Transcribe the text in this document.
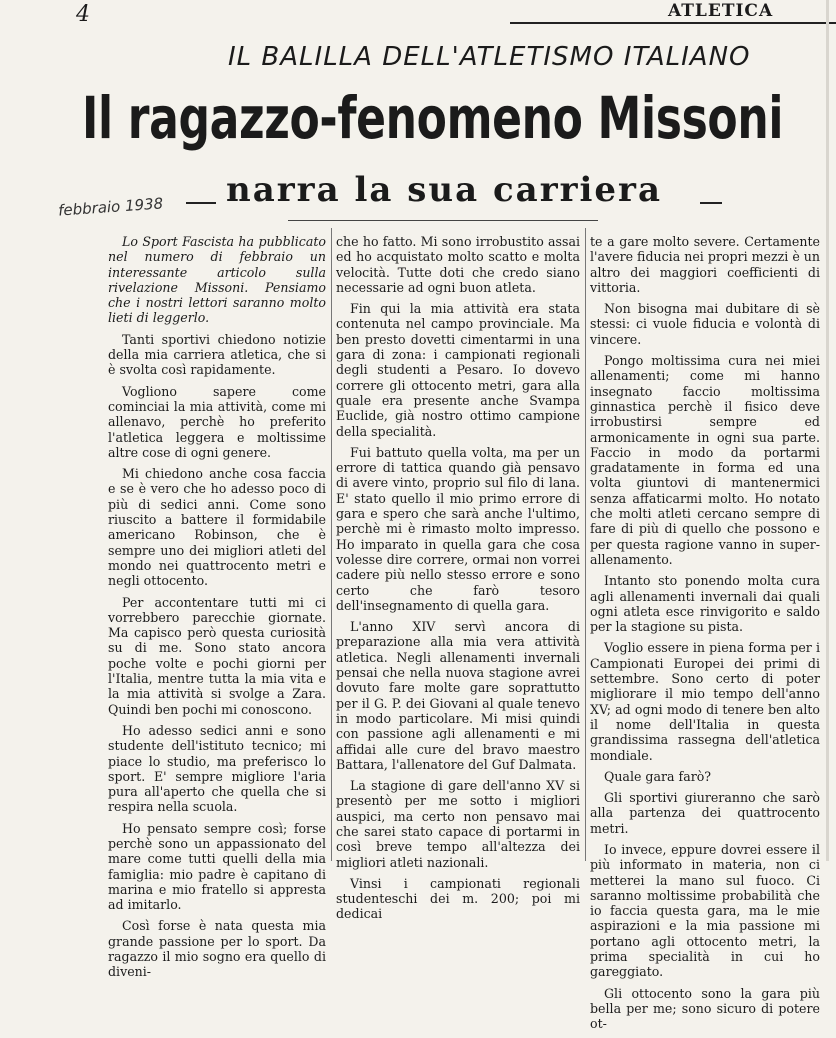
4	ATLETICA
IL BALILLA DELL'ATLETISMO ITALIANO
Il ragazzo-fenomeno Missoni
narra la sua carriera
febbraio 1938

Lo Sport Fascista ha pubblicato nel numero di febbraio un interessante articolo sulla rivelazione Missoni. Pensiamo che i nostri lettori saranno molto lieti di leggerlo.

Tanti sportivi chiedono notizie della mia carriera atletica, che si è svolta così rapidamente.

Vogliono sapere come cominciai la mia attività, come mi allenavo, perchè ho preferito l'atletica leggera e moltissime altre cose di ogni genere.

Mi chiedono anche cosa faccia e se è vero che ho adesso poco di più di sedici anni. Come sono riuscito a battere il formidabile americano Robinson, che è sempre uno dei migliori atleti del mondo nei quattrocento metri e negli ottocento.

Per accontentare tutti mi ci vorrebbero parecchie giornate. Ma capisco però questa curiosità su di me. Sono stato ancora poche volte e pochi giorni per l'Italia, mentre tutta la mia vita e la mia attività si svolge a Zara. Quindi ben pochi mi conoscono.

Ho adesso sedici anni e sono studente dell'istituto tecnico; mi piace lo studio, ma preferisco lo sport. E' sempre migliore l'aria pura all'aperto che quella che si respira nella scuola.

Ho pensato sempre così; forse perchè sono un appassionato del mare come tutti quelli della mia famiglia: mio padre è capitano di marina e mio fratello si appresta ad imitarlo.

Così forse è nata questa mia grande passione per lo sport. Da ragazzo il mio sogno era quello di diveni-

che ho fatto. Mi sono irrobustito assai ed ho acquistato molto scatto e molta velocità. Tutte doti che credo siano necessarie ad ogni buon atleta.

Fin qui la mia attività era stata contenuta nel campo provinciale. Ma ben presto dovetti cimentarmi in una gara di zona: i campionati regionali degli studenti a Pesaro. Io dovevo correre gli ottocento metri, gara alla quale era presente anche Svampa Euclide, già nostro ottimo campione della specialità.

Fui battuto quella volta, ma per un errore di tattica quando già pensavo di avere vinto, proprio sul filo di lana. E' stato quello il mio primo errore di gara e spero che sarà anche l'ultimo, perchè mi è rimasto molto impresso. Ho imparato in quella gara che cosa volesse dire correre, ormai non vorrei cadere più nello stesso errore e sono certo che farò tesoro dell'insegnamento di quella gara.

L'anno XIV servì ancora di preparazione alla mia vera attività atletica. Negli allenamenti invernali pensai che nella nuova stagione avrei dovuto fare molte gare soprattutto per il G. P. dei Giovani al quale tenevo in modo particolare. Mi misi quindi con passione agli allenamenti e mi affidai alle cure del bravo maestro Battara, l'allenatore del Guf Dalmata.

La stagione di gare dell'anno XV si presentò per me sotto i migliori auspici, ma certo non pensavo mai che sarei stato capace di portarmi in così breve tempo all'altezza dei migliori atleti nazionali.

Vinsi i campionati regionali studenteschi dei m. 200; poi mi dedicai

te a gare molto severe. Certamente l'avere fiducia nei propri mezzi è un altro dei maggiori coefficienti di vittoria.

Non bisogna mai dubitare di sè stessi: ci vuole fiducia e volontà di vincere.

Pongo moltissima cura nei miei allenamenti; come mi hanno insegnato faccio moltissima ginnastica perchè il fisico deve irrobustirsi sempre ed armonicamente in ogni sua parte. Faccio in modo da portarmi gradatamente in forma ed una volta giuntovi di mantenermici senza affaticarmi molto. Ho notato che molti atleti cercano sempre di fare di più di quello che possono e per questa ragione vanno in super-allenamento.

Intanto sto ponendo molta cura agli allenamenti invernali dai quali ogni atleta esce rinvigorito e saldo per la stagione su pista.

Voglio essere in piena forma per i Campionati Europei dei primi di settembre. Sono certo di poter migliorare il mio tempo dell'anno XV; ad ogni modo di tenere ben alto il nome dell'Italia in questa grandissima rassegna dell'atletica mondiale.

Quale gara farò?

Gli sportivi giureranno che sarò alla partenza dei quattrocento metri.

Io invece, eppure dovrei essere il più informato in materia, non ci metterei la mano sul fuoco. Ci saranno moltissime probabilità che io faccia questa gara, ma le mie aspirazioni e la mia passione mi portano agli ottocento metri, la prima specialità in cui ho gareggiato.

Gli ottocento sono la gara più bella per me; sono sicuro di potere ot-
